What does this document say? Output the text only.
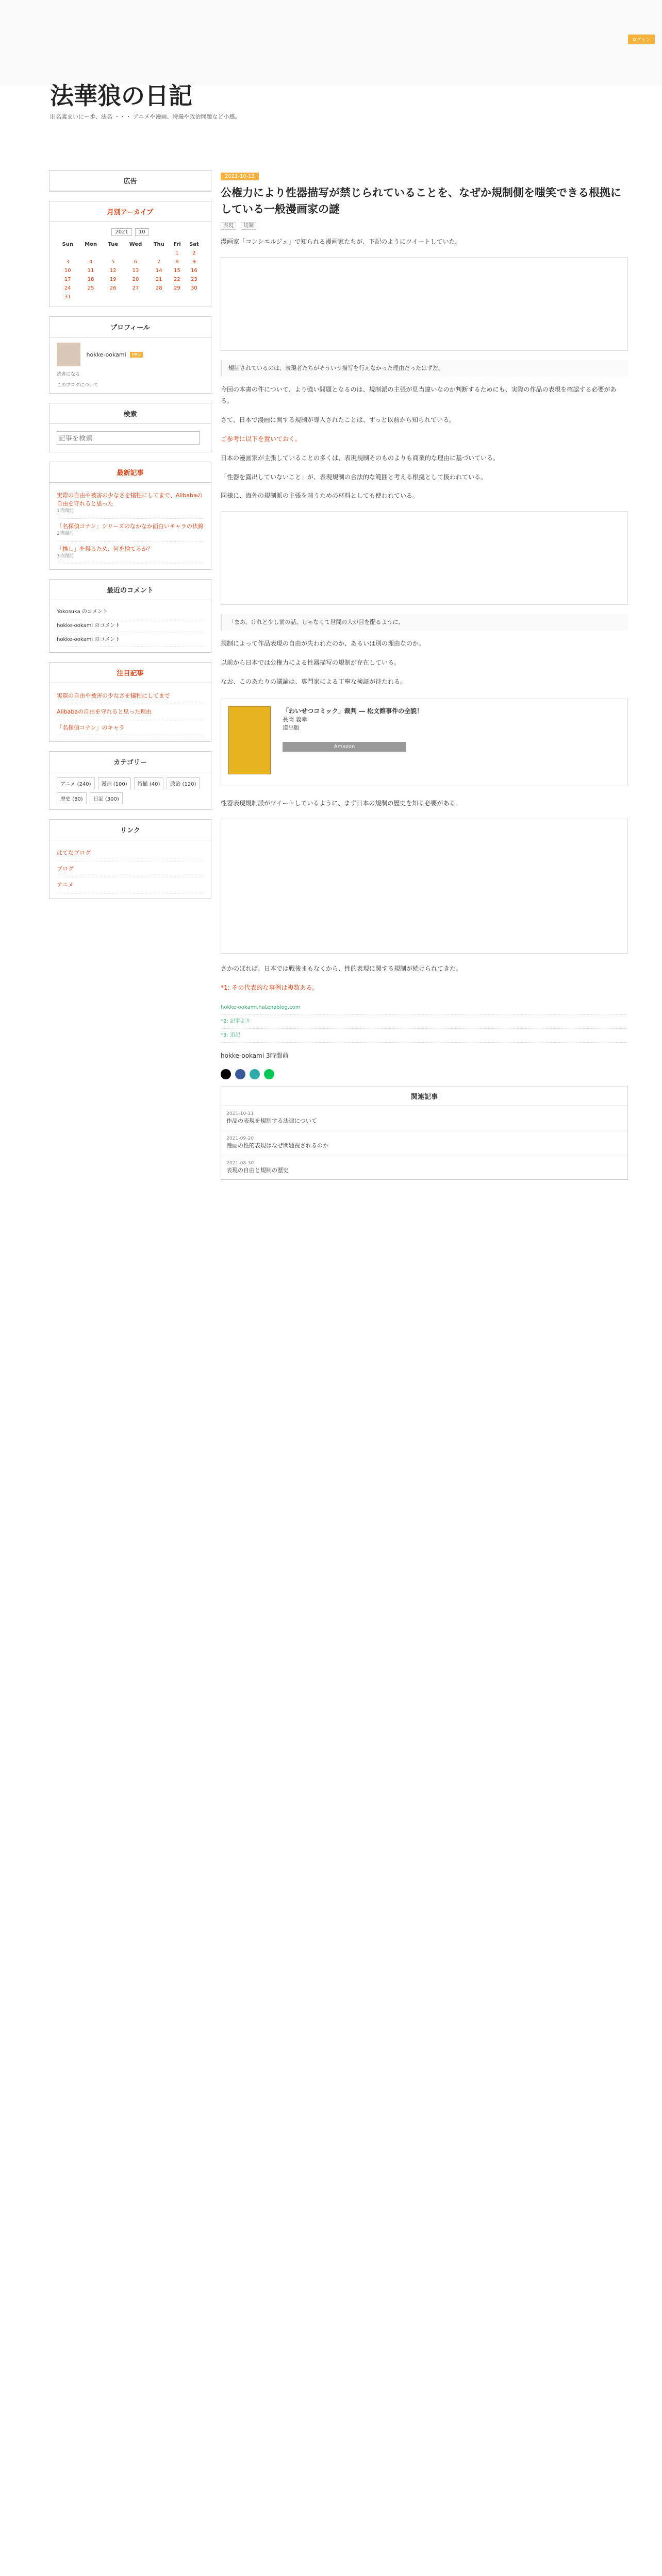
ログイン
法華狼の日記
旧名義まいにー歩、法名 ・・・ アニメや漫画、特撮や政治問題など小感。
広告
月別アーカイブ
2021	10
Sun	Mon	Tue	Wed	Thu	Fri	Sat
					1	2
3	4	5	6	7	8	9
10	11	12	13	14	15	16
17	18	19	20	21	22	23
24	25	26	27	28	29	30
31						
プロフィール
hokke-ookami PRO
読者になる
このブログについて
検索
記事を検索
最新記事
実際の自由や被害の少なさを犠牲にしてまで、Alibabaの自由を守れると思った
1時間前
「名探偵コナン」シリーズのなかなか面白いキャラの伏線
2時間前
「推し」を得るため、何を捨てるか？
3時間前
最近のコメント
Yokosuka のコメント
hokke-ookami のコメント
hokke-ookami のコメント
注目記事
実際の自由や被害の少なさを犠牲にしてまで
Alibabaの自由を守れると思った理由
「名探偵コナン」のキャラ
カテゴリー
アニメ (240)	漫画 (100)	特撮 (40)	政治 (120)
歴史 (80)	日記 (300)
リンク
はてなブログ
ブログ
アニメ
2021-10-13
公権力により性器描写が禁じられていることを、なぜか規制側を嗤笑できる根拠にしている一般漫画家の謎
表現 規制
漫画家「コンシエルジュ」で知られる漫画家たちが、下記のようにツイートしていた。
規制されているのは、表現者たちがそういう描写を行えなかった理由だったはずだ。
今回の本書の件について、より強い問題となるのは、規制派の主張が見当違いなのか判断するためにも、実際の作品の表現を確認する必要がある。
さて、日本で漫画に関する規制が導入されたことは、ずっと以前から知られている。
ご参考に以下を置いておく。
日本の漫画家が主張していることの多くは、表現規制そのものよりも商業的な理由に基づいている。
「性器を露出していないこと」が、表現規制の合法的な範囲と考える根拠として扱われている。
同様に、海外の規制派の主張を嗤うための材料としても使われている。
「まあ、けれど少し前の話、じゃなくて世間の人が目を配るように、
規制によって作品表現の自由が失われたのか、あるいは別の理由なのか。
以前から日本では公権力による性器描写の規制が存在している。
なお、このあたりの議論は、専門家による丁寧な検証が待たれる。
「わいせつコミック」裁判 ― 松文館事件の全貌！
長岡 義幸
道出版
Amazon
性器表現規制派がツイートしているように、まず日本の規制の歴史を知る必要がある。
さかのぼれば、日本では戦後まもなくから、性的表現に関する規制が続けられてきた。
*1: その代表的な事例は複数ある。
hokke-ookami.hatenablog.com
*2: 記事より
*3: 追記
hokke-ookami 3時間前
関連記事
2021-10-11
作品の表現を規制する法律について
2021-09-20
漫画の性的表現はなぜ問題視されるのか
2021-08-30
表現の自由と規制の歴史
